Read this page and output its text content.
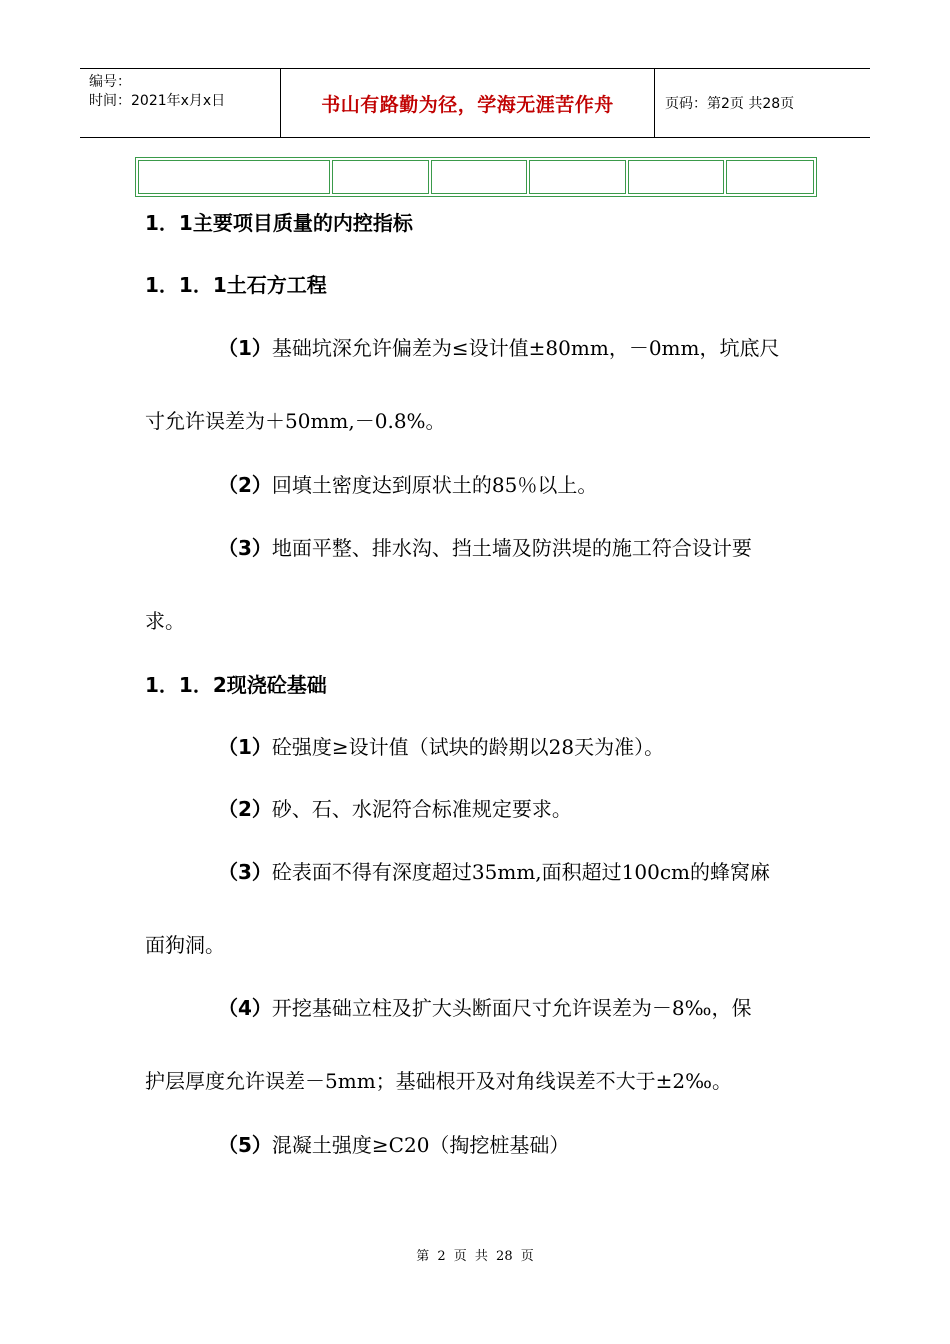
编号：
时间：2021年x月x日	书山有路勤为径，学海无涯苦作舟	页码：第2页 共28页

1．1主要项目质量的内控指标
1．1．1土石方工程
（1）基础坑深允许偏差为≤设计值±80mm，－0mm，坑底尺
寸允许误差为＋50mm,－0.8%。
（2）回填土密度达到原状土的85％以上。
（3）地面平整、排水沟、挡土墙及防洪堤的施工符合设计要
求。
1．1．2现浇砼基础
（1）砼强度≥设计值（试块的龄期以28天为准）。
（2）砂、石、水泥符合标准规定要求。
（3）砼表面不得有深度超过35mm,面积超过100cm的蜂窝麻
面狗洞。
（4）开挖基础立柱及扩大头断面尺寸允许误差为－8‰，保
护层厚度允许误差－5mm；基础根开及对角线误差不大于±2‰。
（5）混凝土强度≥C20（掏挖桩基础）
第 2 页 共 28 页
